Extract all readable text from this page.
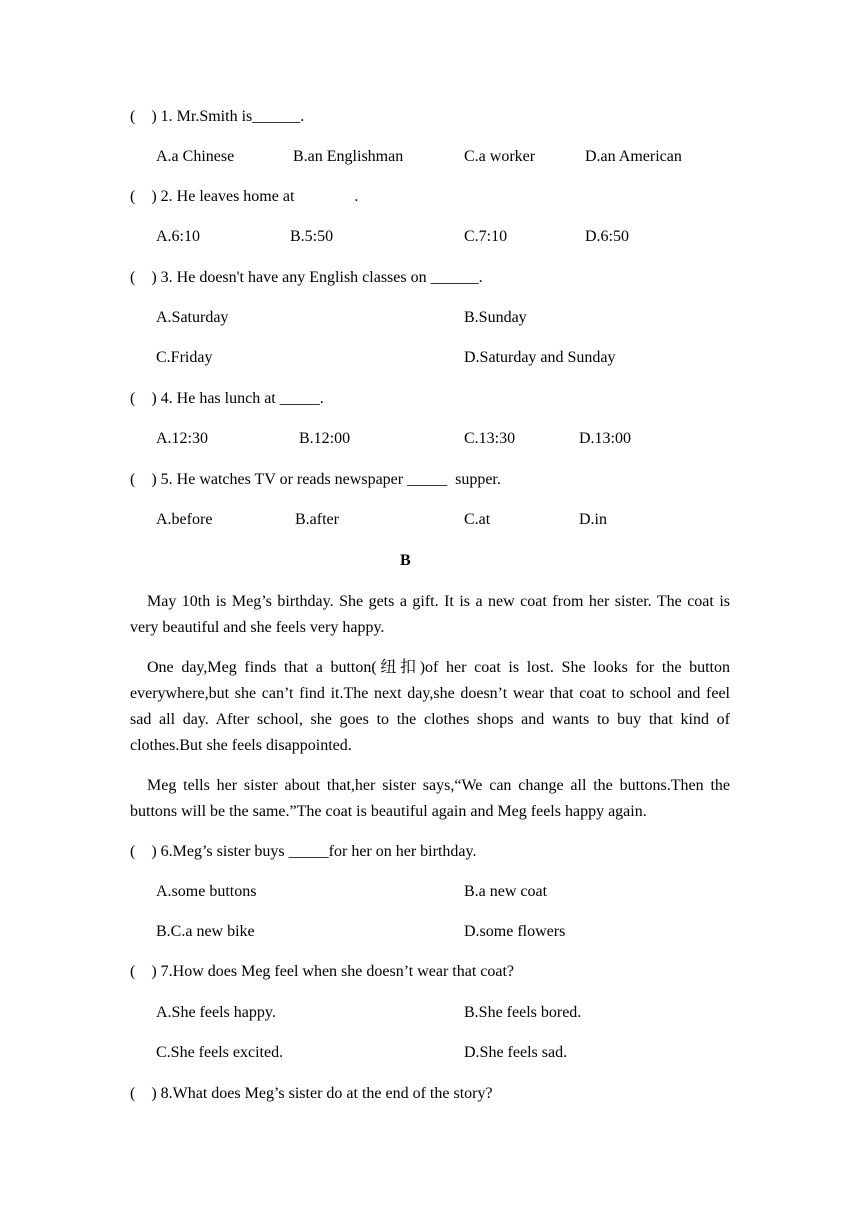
( ) 1. Mr.Smith is______.
A.a Chinese	B.an Englishman	C.a worker	D.an American
( ) 2. He leaves home at	.
A.6:10	B.5:50	C.7:10	D.6:50
( ) 3. He doesn't have any English classes on ______.
A.Saturday	B.Sunday
C.Friday	D.Saturday and Sunday
( ) 4. He has lunch at _____.
A.12:30	B.12:00	C.13:30	D.13:00
( ) 5. He watches TV or reads newspaper _____ supper.
A.before	B.after	C.at	D.in
B
May 10th is Meg’s birthday. She gets a gift. It is a new coat from her sister. The coat is very beautiful and she feels very happy.
One day,Meg finds that a button(纽扣)of her coat is lost. She looks for the button everywhere,but she can’t find it.The next day,she doesn’t wear that coat to school and feel sad all day. After school, she goes to the clothes shops and wants to buy that kind of clothes.But she feels disappointed.
Meg tells her sister about that,her sister says,“We can change all the buttons.Then the buttons will be the same.”The coat is beautiful again and Meg feels happy again.
( ) 6.Meg’s sister buys _____for her on her birthday.
A.some buttons	B.a new coat
B.C.a new bike	D.some flowers
( ) 7.How does Meg feel when she doesn’t wear that coat?
A.She feels happy.	B.She feels bored.
C.She feels excited.	D.She feels sad.
( ) 8.What does Meg’s sister do at the end of the story?
